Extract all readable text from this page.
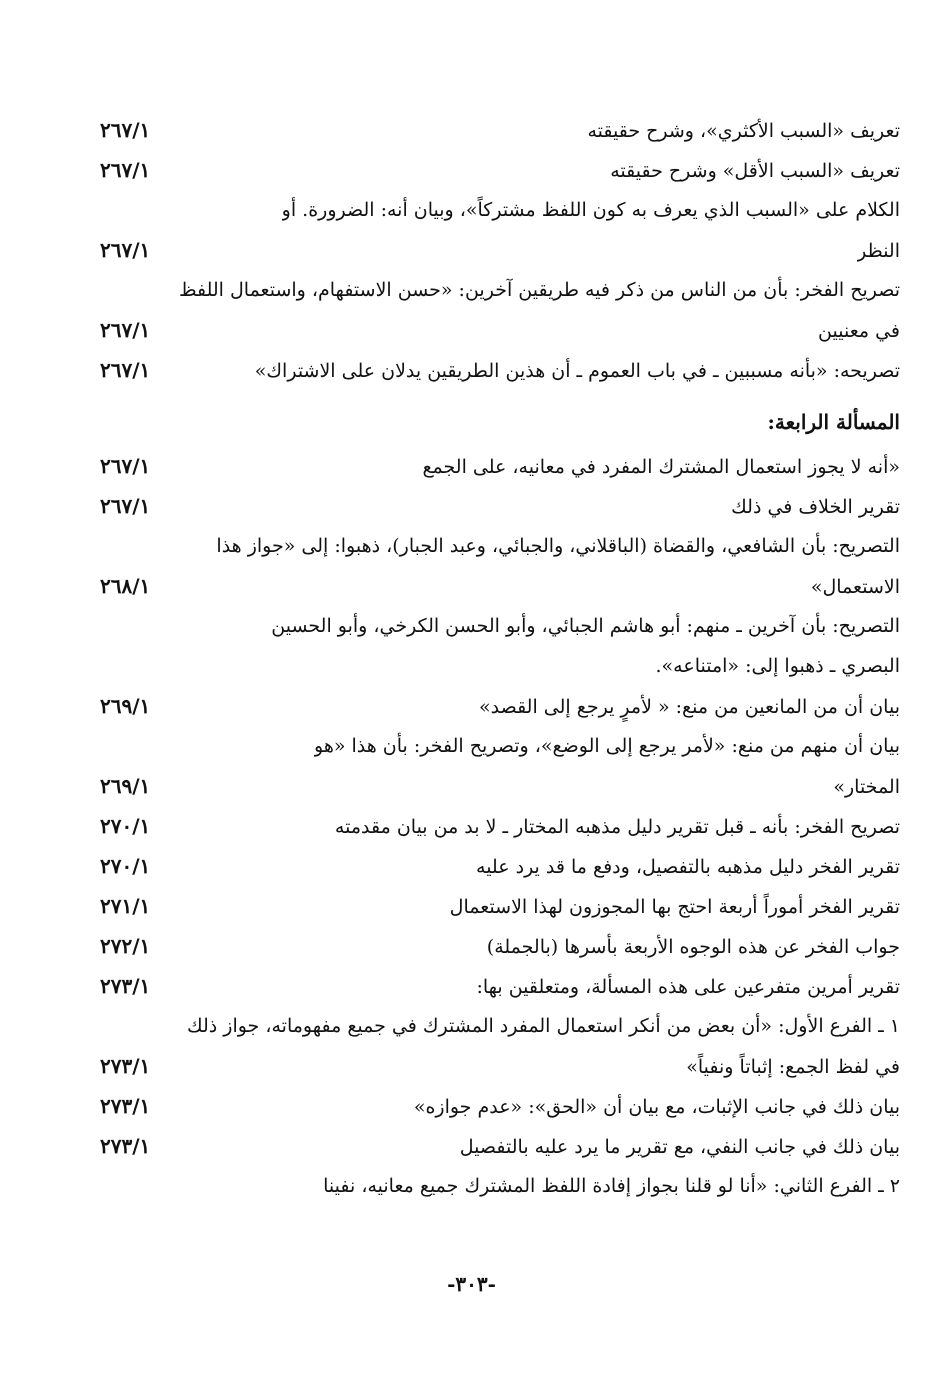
تعريف «السبب الأكثري»، وشرح حقيقته
٢٦٧/١
تعريف «السبب الأقل» وشرح حقيقته
٢٦٧/١
الكلام على «السبب الذي يعرف به كون اللفظ مشتركاً»، وبيان أنه: الضرورة. أو
النظر
٢٦٧/١
تصريح الفخر: بأن من الناس من ذكر فيه طريقين آخرين: «حسن الاستفهام، واستعمال اللفظ
في معنيين
٢٦٧/١
تصريحه: «بأنه مسببين ـ في باب العموم ـ أن هذين الطريقين يدلان على الاشتراك»
٢٦٧/١
المسألة الرابعة:
«أنه لا يجوز استعمال المشترك المفرد في معانيه، على الجمع
٢٦٧/١
تقرير الخلاف في ذلك
٢٦٧/١
التصريح: بأن الشافعي، والقضاة (الباقلاني، والجبائي، وعبد الجبار)، ذهبوا: إلى «جواز هذا
الاستعمال»
٢٦٨/١
التصريح: بأن آخرين ـ منهم: أبو هاشم الجبائي، وأبو الحسن الكرخي، وأبو الحسين
البصري ـ ذهبوا إلى: «امتناعه».
بيان أن من المانعين من منع: « لأمرٍ يرجع إلى القصد»
٢٦٩/١
بيان أن منهم من منع: «لأمر يرجع إلى الوضع»، وتصريح الفخر: بأن هذا «هو
المختار»
٢٦٩/١
تصريح الفخر: بأنه ـ قبل تقرير دليل مذهبه المختار ـ لا بد من بيان مقدمته
٢٧٠/١
تقرير الفخر دليل مذهبه بالتفصيل، ودفع ما قد يرد عليه
٢٧٠/١
تقرير الفخر أموراً أربعة احتج بها المجوزون لهذا الاستعمال
٢٧١/١
جواب الفخر عن هذه الوجوه الأربعة بأسرها (بالجملة)
٢٧٢/١
تقرير أمرين متفرعين على هذه المسألة، ومتعلقين بها:
٢٧٣/١
١ ـ الفرع الأول: «أن بعض من أنكر استعمال المفرد المشترك في جميع مفهوماته، جواز ذلك
في لفظ الجمع: إثباتاً ونفياً»
٢٧٣/١
بيان ذلك في جانب الإثبات، مع بيان أن «الحق»: «عدم جوازه»
٢٧٣/١
بيان ذلك في جانب النفي، مع تقرير ما يرد عليه بالتفصيل
٢٧٣/١
٢ ـ الفرع الثاني: «أنا لو قلنا بجواز إفادة اللفظ المشترك جميع معانيه، نفينا
-٣٠٣-
